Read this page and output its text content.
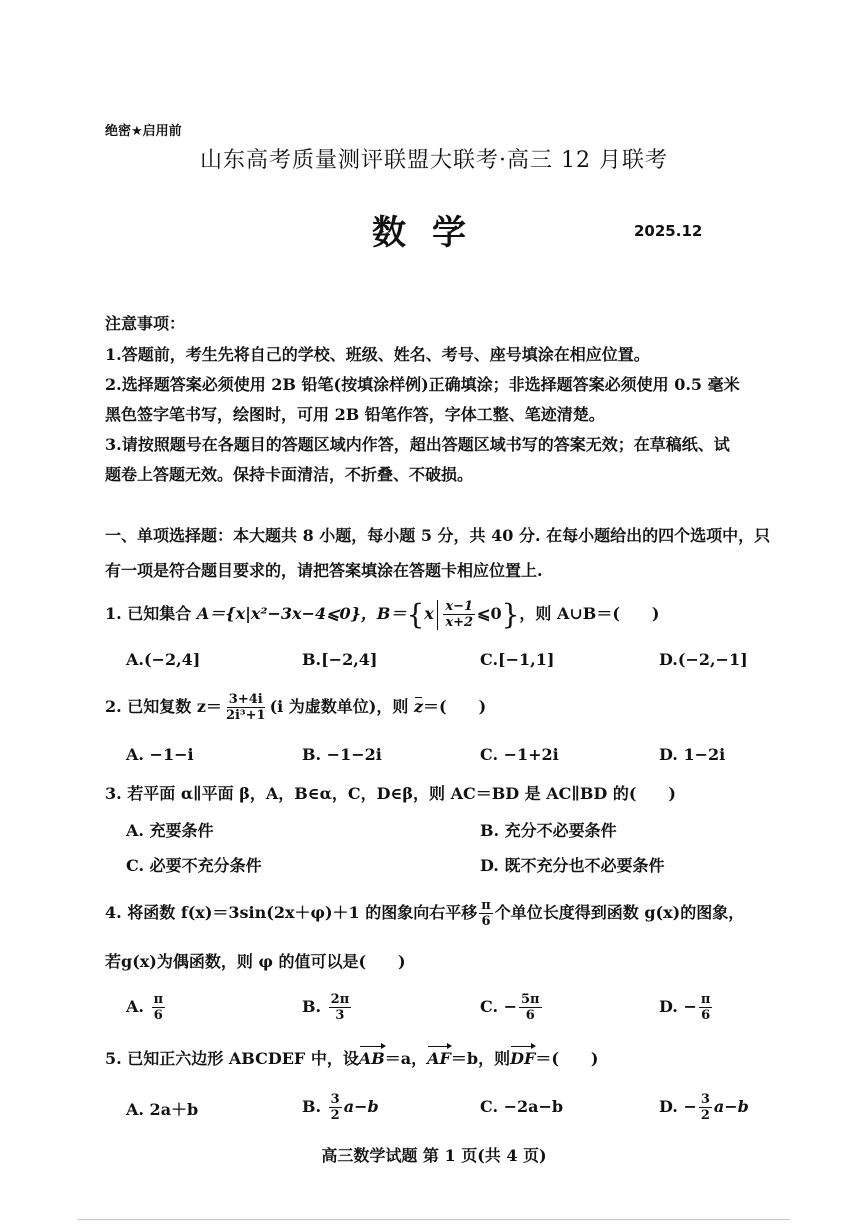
绝密★启用前
山东高考质量测评联盟大联考·高三 12 月联考
数学	2025.12
注意事项：
1.答题前，考生先将自己的学校、班级、姓名、考号、座号填涂在相应位置。
2.选择题答案必须使用 2B 铅笔(按填涂样例)正确填涂；非选择题答案必须使用 0.5 毫米
黑色签字笔书写，绘图时，可用 2B 铅笔作答，字体工整、笔迹清楚。
3.请按照题号在各题目的答题区域内作答，超出答题区域书写的答案无效；在草稿纸、试
题卷上答题无效。保持卡面清洁，不折叠、不破损。
一、单项选择题：本大题共 8 小题，每小题 5 分，共 40 分. 在每小题给出的四个选项中，只
有一项是符合题目要求的，请把答案填涂在答题卡相应位置上.
1. 已知集合 A＝{x|x²−3x−4⩽0}，$B=\{x \frac{x-1}{x+2}$ ⩽0}，则 A∪B＝(　　)
A.(−2,4]	B.[−2,4]	C.[−1,1]	D.(−2,−1]
2. 已知复数 $z= \frac{3+4i}{\text{2i³+1}} (i$ 为虚数单位)，则 z＝(　　)
A. −1−i	B. −1−2i	C. −1+2i	D. 1−2i
3. 若平面 α∥平面 β，A，B∈α，C，D∈β，则 AC＝BD 是 AC∥BD 的(　　)
A. 充要条件	B. 充分不必要条件
C. 必要不充分条件	D. 既不充分也不必要条件
4. 将函数 f(x)＝3sin(2x＋φ)＋1 的图象向右平移 $\frac{\pi}{6}$ 个单位长度得到函数 g(x)的图象，
若g(x)为偶函数，则 φ 的值可以是(　　)
A. $\frac{\pi}{6}$	B. $\frac{2\pi}{3}$	C. − $\frac{5\pi}{6}$	D. − $\frac{\pi}{6}$
5. 已知正六边形 ABCDEF 中，设AB＝a，AF＝b，则DF＝(　　)
A. 2a＋b	B. $\frac{3}{2} a-b$	C. −2a−b	D. − $\frac{3}{2} a-b$
高三数学试题 第 1 页(共 4 页)
